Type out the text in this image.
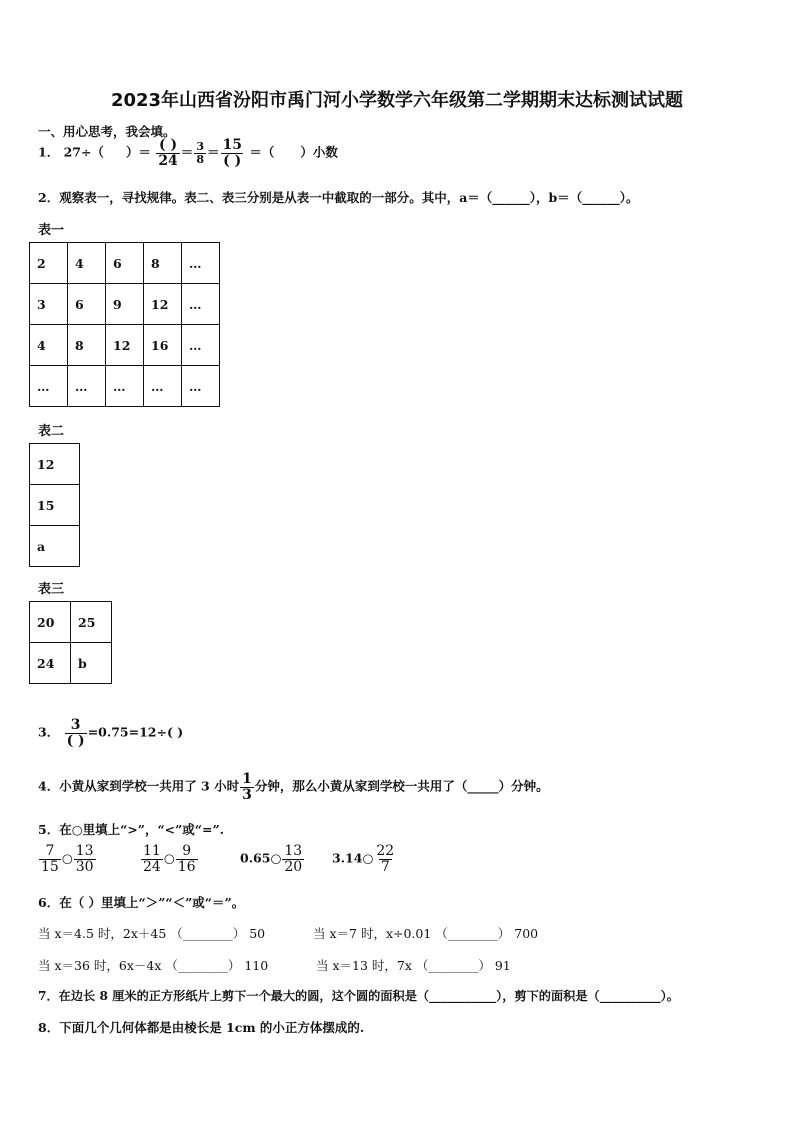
2023年山西省汾阳市禹门河小学数学六年级第二学期期末达标测试试题
一、用心思考，我会填。
1． 27÷（ ）＝ $\frac{( )}{24} = \frac{3}{8} = \frac{15}{( )}$ ＝（ ）小数
2．观察表一，寻找规律。表二、表三分别是从表一中截取的一部分。其中，a＝（______），b＝（______）。
表一
2	4	6	8	…
3	6	9	12	…
4	8	12	16	…
…	…	…	…	…
表二
12
15
a
表三
20	25
24	b
3． $\frac{3}{( )} =0.75=12\div$( )
4．小黄从家到学校一共用了 3 小时 $\frac{1}{3}$ 分钟，那么小黄从家到学校一共用了（_____）分钟。
5．在○里填上“>”，“<”或“=”.
$\frac{7}{15}$ ○ $\frac{13}{30}$	$\frac{11}{24}$ ○ $\frac{9}{16}$	0.65○ $\frac{13}{20}$ 3.14○ $\frac{22}{7}$
6．在（ ）里填上“＞”“＜”或“＝”。
当 x＝4.5 时，2x＋45 （________） 50	当 x＝7 时，x÷0.01 （________） 700
当 x＝36 时，6x－4x （________） 110	当 x＝13 时，7x （________） 91
7．在边长 8 厘米的正方形纸片上剪下一个最大的圆，这个圆的面积是（___________），剪下的面积是（__________）。
8．下面几个几何体都是由棱长是 1cm 的小正方体摆成的.
